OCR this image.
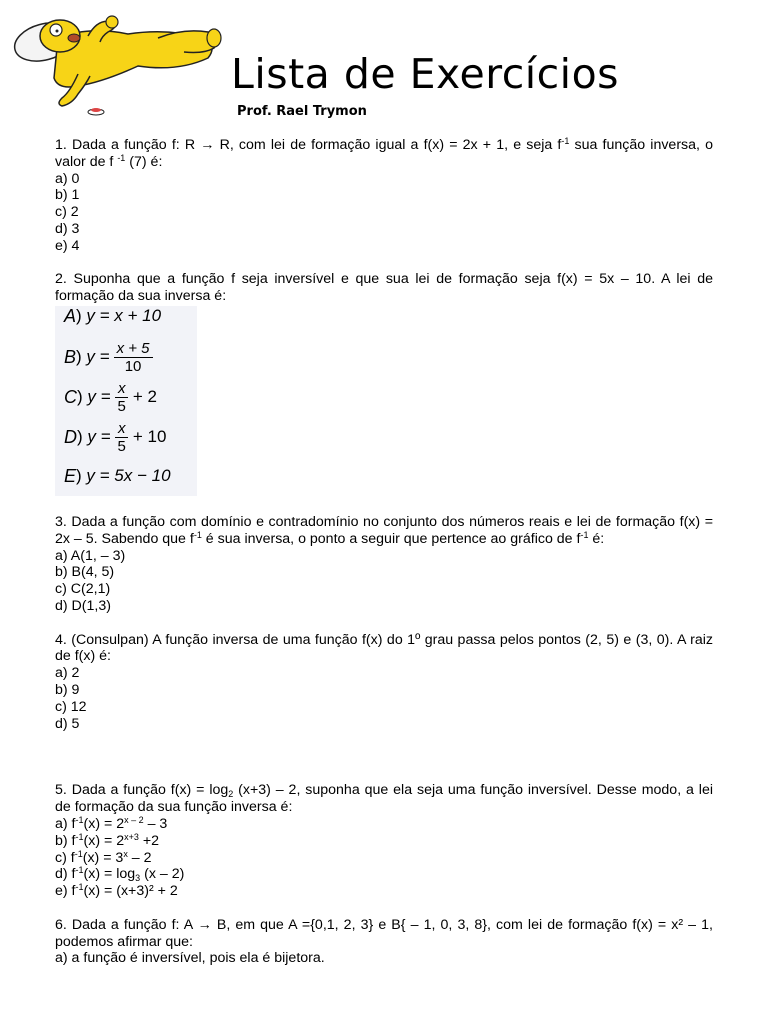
Lista de Exercícios
Prof. Rael Trymon
1. Dada a função f: R → R, com lei de formação igual a f(x) = 2x + 1, e seja $f^{-1}$ sua função inversa, o valor de f $^{-1}$ (7) é:
a) 0
b) 1
c) 2
d) 3
e) 4
2. Suponha que a função f seja inversível e que sua lei de formação seja f(x) = 5x – 10. A lei de formação da sua inversa é:
A ) y = x + 10
B ) $y = \frac{x + 5}{10}$
C ) $y = \frac{x}{5} + 2$
D ) $y = \frac{x}{5} + 10$
E ) y = 5x − 10
3. Dada a função com domínio e contradomínio no conjunto dos números reais e lei de formação f(x) = 2x – 5. Sabendo que $f^{-1}$ é sua inversa, o ponto a seguir que pertence ao gráfico de $f^{-1}$ é:
a) A(1, – 3)
b) B(4, 5)
c) C(2,1)
d) D(1,3)
4. (Consulpan) A função inversa de uma função f(x) do 1º grau passa pelos pontos (2, 5) e (3, 0). A raiz de f(x) é:
a) 2
b) 9
c) 12
d) 5
5. Dada a função $f(x) = \log_2 (x+3) - 2$, suponha que ela seja uma função inversível. Desse modo, a lei de formação da sua função inversa é:
a) $f^{-1}(x) = 2^{x - 2} - 3$
b) $f^{-1}(x) = 2^{x+3} +2$
c) $f^{-1}(x) = 3^x - 2$
d) $f^{-1}(x) = \log_3 (x - 2)$
e) $f^{-1}(x) = (x+3)^2 + 2$
6. Dada a função f: A → B, em que A ={0,1, 2, 3} e B{ – 1, 0, 3, 8}, com lei de formação f(x) = x² – 1, podemos afirmar que:
a) a função é inversível, pois ela é bijetora.
